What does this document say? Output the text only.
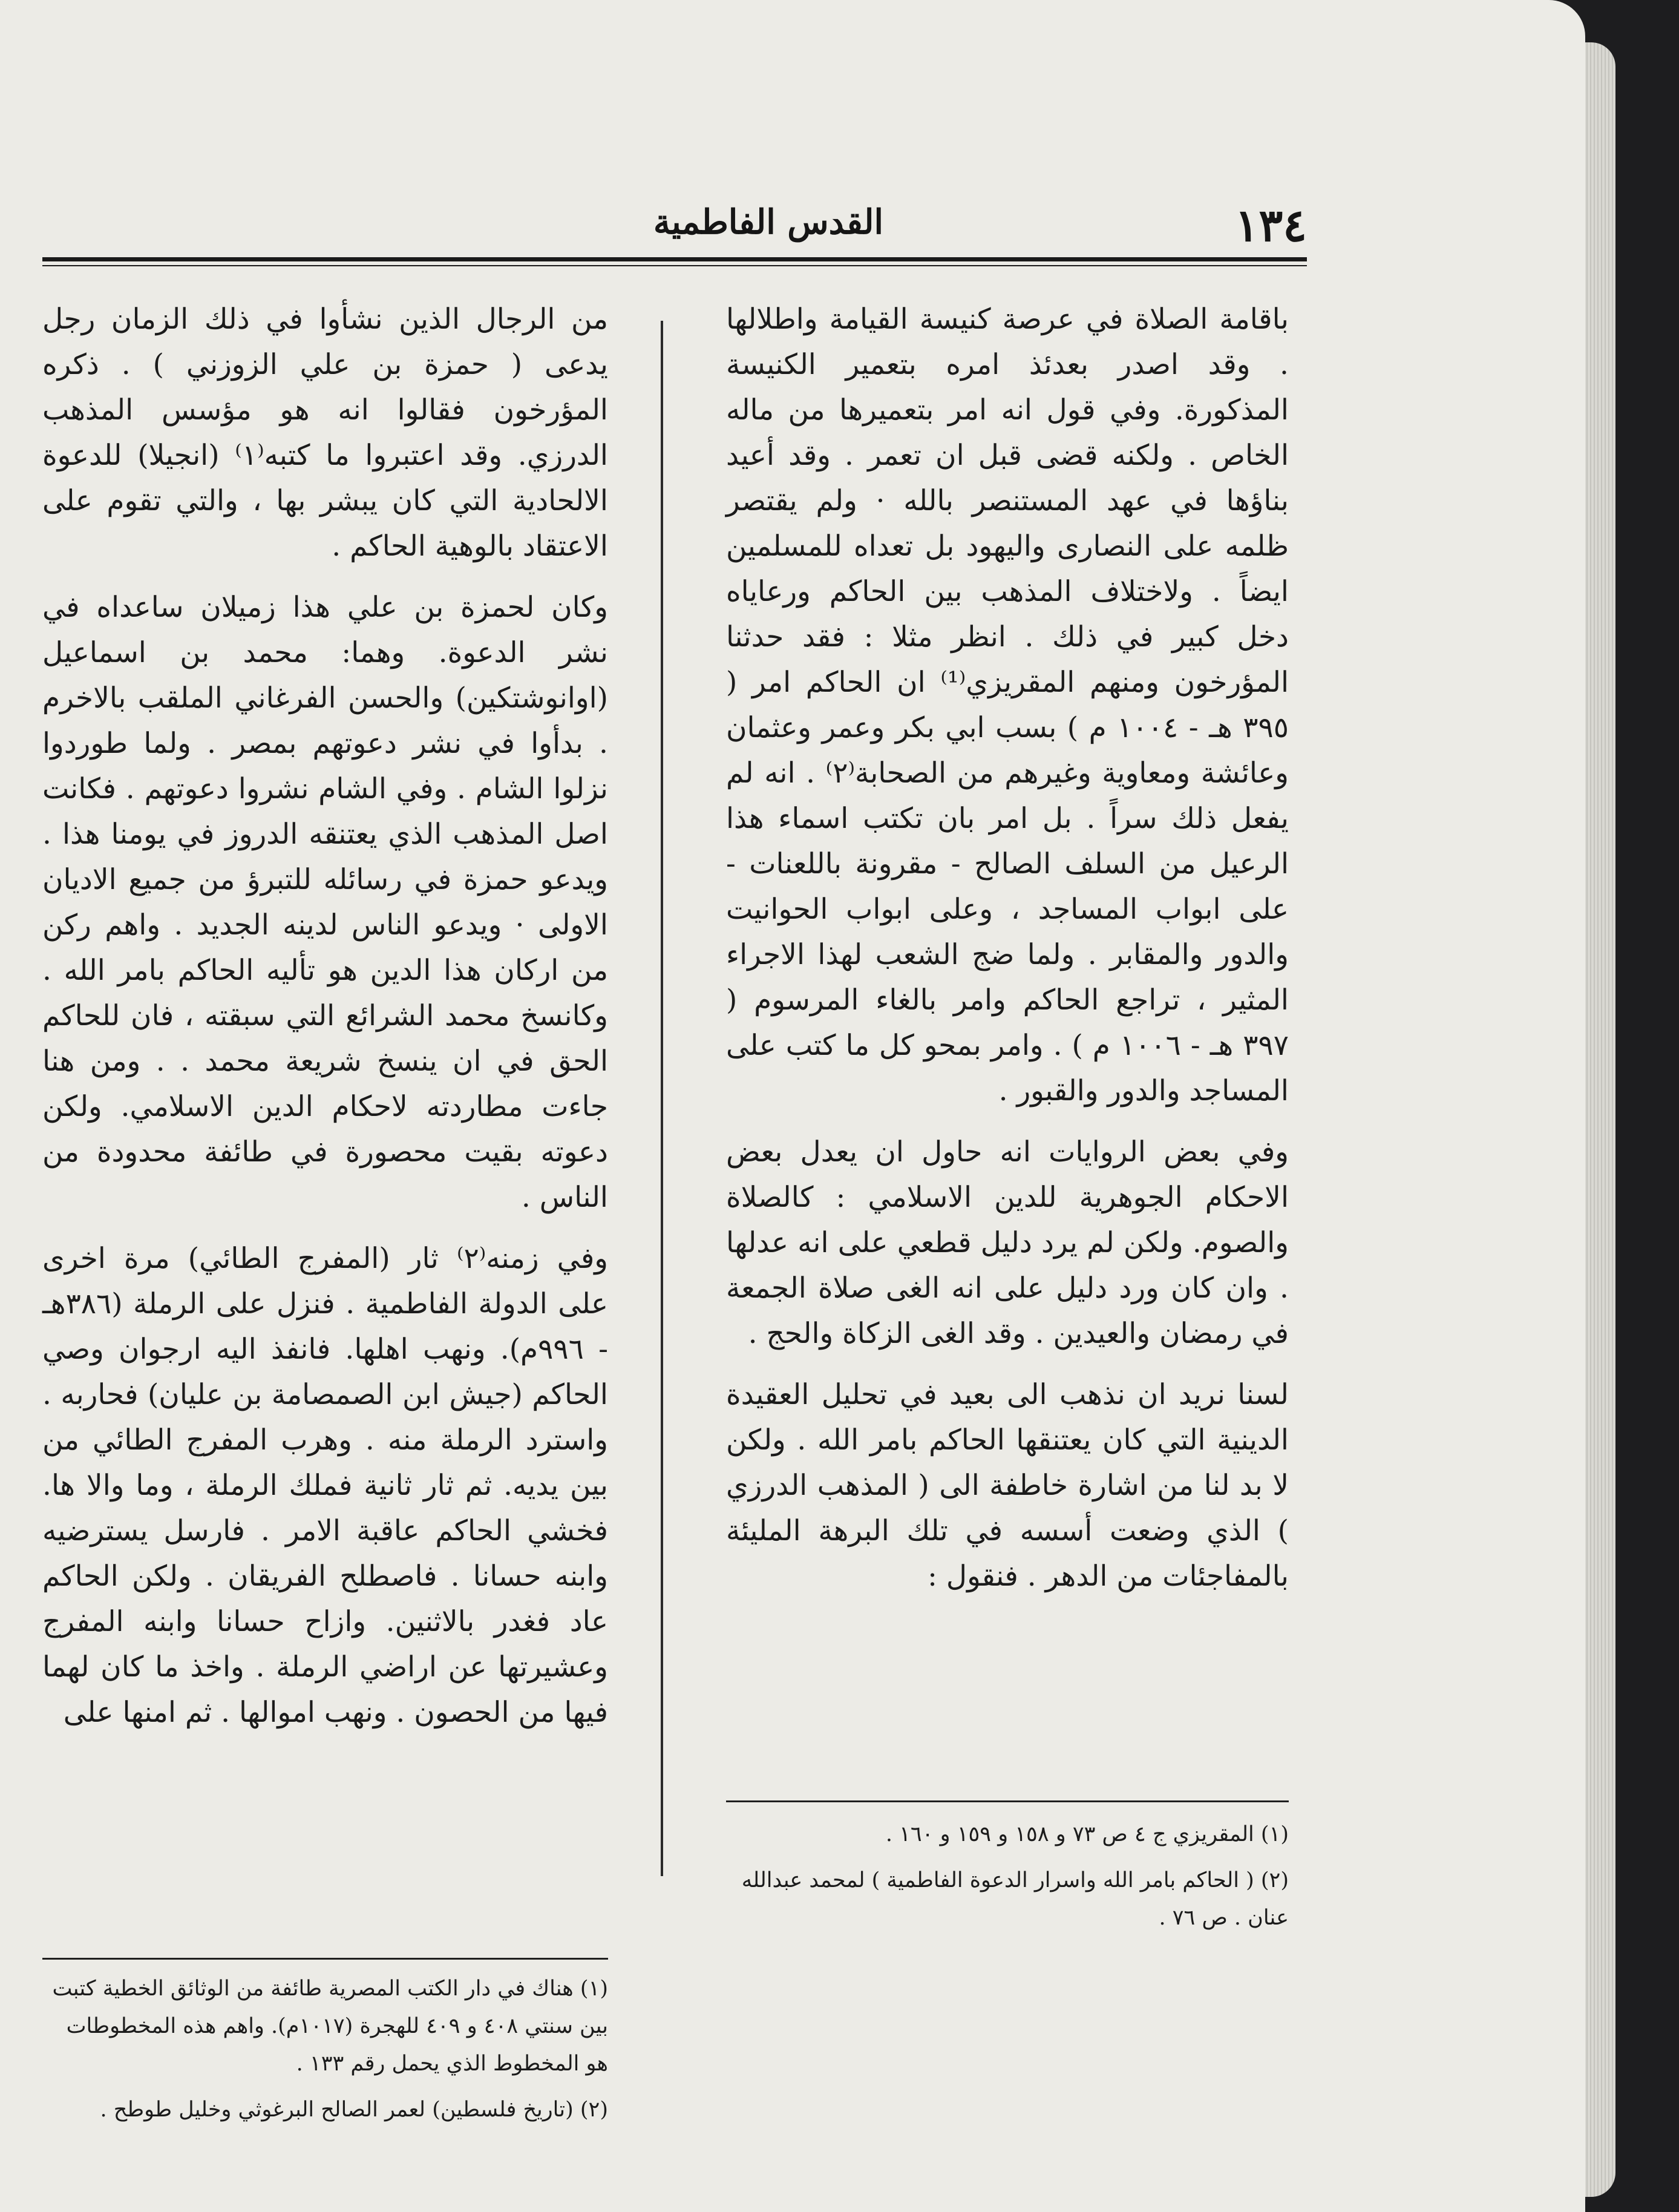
١٣٤
القدس الفاطمية

باقامة الصلاة في عرصة كنيسة القيامة واطلالها . وقد اصدر بعدئذ امره بتعمير الكنيسة المذكورة. وفي قول انه امر بتعميرها من ماله الخاص . ولكنه قضى قبل ان تعمر . وقد أعيد بناؤها في عهد المستنصر بالله · ولم يقتصر ظلمه على النصارى واليهود بل تعداه للمسلمين ايضاً . ولاختلاف المذهب بين الحاكم ورعاياه دخل كبير في ذلك . انظر مثلا : فقد حدثنا المؤرخون ومنهم المقريزي⁽¹⁾ ان الحاكم امر ( ٣٩٥ هـ - ١٠٠٤ م ) بسب ابي بكر وعمر وعثمان وعائشة ومعاوية وغيرهم من الصحابة⁽٢⁾ . انه لم يفعل ذلك سراً . بل امر بان تكتب اسماء هذا الرعيل من السلف الصالح - مقرونة باللعنات - على ابواب المساجد ، وعلى ابواب الحوانيت والدور والمقابر . ولما ضج الشعب لهذا الاجراء المثير ، تراجع الحاكم وامر بالغاء المرسوم ( ٣٩٧ هـ - ١٠٠٦ م ) . وامر بمحو كل ما كتب على المساجد والدور والقبور .

وفي بعض الروايات انه حاول ان يعدل بعض الاحكام الجوهرية للدين الاسلامي : كالصلاة والصوم. ولكن لم يرد دليل قطعي على انه عدلها . وان كان ورد دليل على انه الغى صلاة الجمعة في رمضان والعيدين . وقد الغى الزكاة والحج .

لسنا نريد ان نذهب الى بعيد في تحليل العقيدة الدينية التي كان يعتنقها الحاكم بامر الله . ولكن لا بد لنا من اشارة خاطفة الى ( المذهب الدرزي ) الذي وضعت أسسه في تلك البرهة المليئة بالمفاجئات من الدهر . فنقول :

من الرجال الذين نشأوا في ذلك الزمان رجل يدعى ( حمزة بن علي الزوزني ) . ذكره المؤرخون فقالوا انه هو مؤسس المذهب الدرزي. وقد اعتبروا ما كتبه⁽١⁾ (انجيلا) للدعوة الالحادية التي كان يبشر بها ، والتي تقوم على الاعتقاد بالوهية الحاكم .

وكان لحمزة بن علي هذا زميلان ساعداه في نشر الدعوة. وهما: محمد بن اسماعيل (اوانوشتكين) والحسن الفرغاني الملقب بالاخرم . بدأوا في نشر دعوتهم بمصر . ولما طوردوا نزلوا الشام . وفي الشام نشروا دعوتهم . فكانت اصل المذهب الذي يعتنقه الدروز في يومنا هذا . ويدعو حمزة في رسائله للتبرؤ من جميع الاديان الاولى · ويدعو الناس لدينه الجديد . واهم ركن من اركان هذا الدين هو تأليه الحاكم بامر الله . وكانسخ محمد الشرائع التي سبقته ، فان للحاكم الحق في ان ينسخ شريعة محمد . . ومن هنا جاءت مطاردته لاحكام الدين الاسلامي. ولكن دعوته بقيت محصورة في طائفة محدودة من الناس .

وفي زمنه⁽٢⁾ ثار (المفرج الطائي) مرة اخرى على الدولة الفاطمية . فنزل على الرملة (٣٨٦هـ - ٩٩٦م). ونهب اهلها. فانفذ اليه ارجوان وصي الحاكم (جيش ابن الصمصامة بن عليان) فحاربه . واسترد الرملة منه . وهرب المفرج الطائي من بين يديه. ثم ثار ثانية فملك الرملة ، وما والا ها. فخشي الحاكم عاقبة الامر . فارسل يسترضيه وابنه حسانا . فاصطلح الفريقان . ولكن الحاكم عاد فغدر بالاثنين. وازاح حسانا وابنه المفرج وعشيرتها عن اراضي الرملة . واخذ ما كان لهما فيها من الحصون . ونهب اموالها . ثم امنها على

(١) المقريزي ج ٤ ص ٧٣ و ١٥٨ و ١٥٩ و ١٦٠ .

(٢) ( الحاكم بامر الله واسرار الدعوة الفاطمية ) لمحمد عبدالله عنان . ص ٧٦ .

(١) هناك في دار الكتب المصرية طائفة من الوثائق الخطية كتبت بين سنتي ٤٠٨ و ٤٠٩ للهجرة (١٠١٧م). واهم هذه المخطوطات هو المخطوط الذي يحمل رقم ١٣٣ .

(٢) (تاريخ فلسطين) لعمر الصالح البرغوثي وخليل طوطح .
